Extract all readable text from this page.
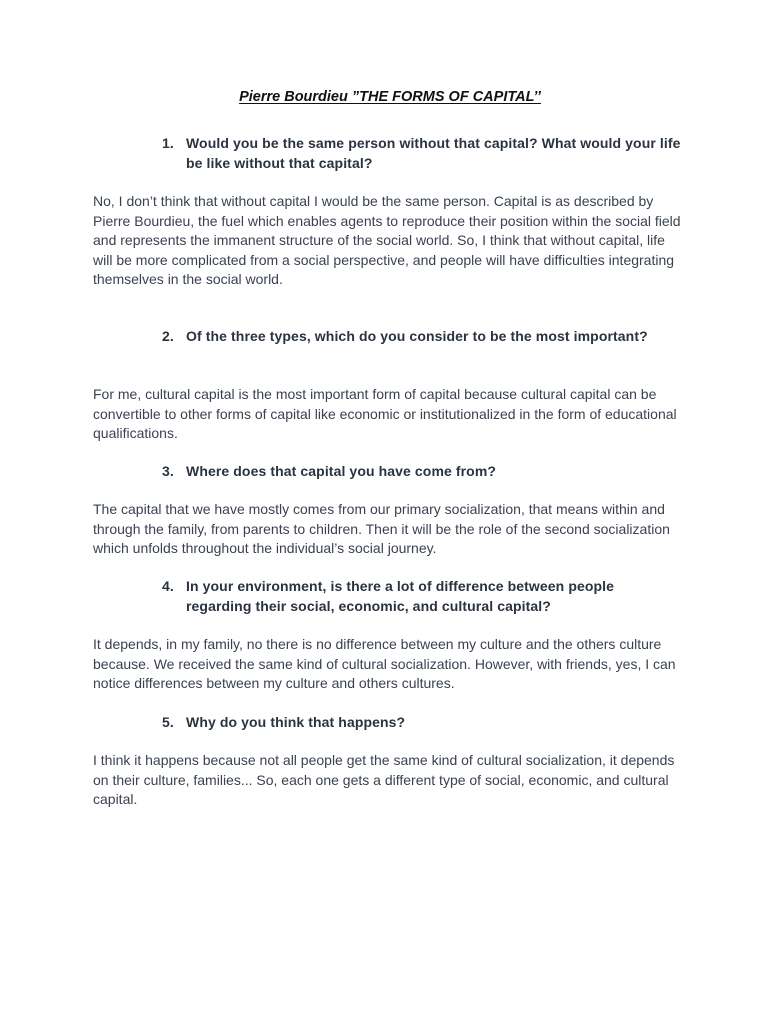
Pierre Bourdieu ”THE FORMS OF CAPITAL’’
1. Would you be the same person without that capital? What would your life be like without that capital?
No, I don’t think that without capital I would be the same person. Capital is as described by Pierre Bourdieu, the fuel which enables agents to reproduce their position within the social field and represents the immanent structure of the social world. So, I think that without capital, life will be more complicated from a social perspective, and people will have difficulties integrating themselves in the social world.
2. Of the three types, which do you consider to be the most important?
For me, cultural capital is the most important form of capital because cultural capital can be convertible to other forms of capital like economic or institutionalized in the form of educational qualifications.
3. Where does that capital you have come from?
The capital that we have mostly comes from our primary socialization, that means within and through the family, from parents to children. Then it will be the role of the second socialization which unfolds throughout the individual’s social journey.
4. In your environment, is there a lot of difference between people regarding their social, economic, and cultural capital?
It depends, in my family, no there is no difference between my culture and the others culture because. We received the same kind of cultural socialization. However, with friends, yes, I can notice differences between my culture and others cultures.
5. Why do you think that happens?
I think it happens because not all people get the same kind of cultural socialization, it depends on their culture, families... So, each one gets a different type of social, economic, and cultural capital.
